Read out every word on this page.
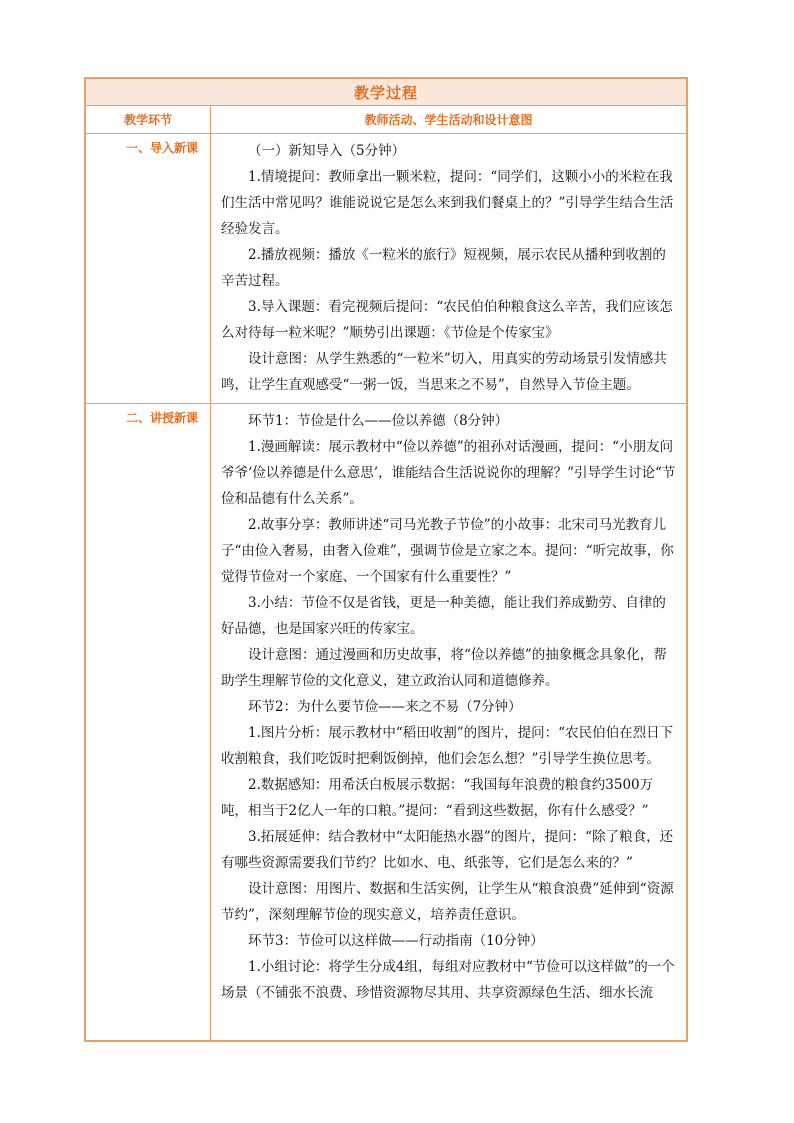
教学过程
教学环节	教师活动、学生活动和设计意图
一、导入新课	（一）新知导入（5分钟）

1.情境提问：教师拿出一颗米粒，提问：“同学们，这颗小小的米粒在我们生活中常见吗？谁能说说它是怎么来到我们餐桌上的？”引导学生结合生活经验发言。

2.播放视频：播放《一粒米的旅行》短视频，展示农民从播种到收割的辛苦过程。

3.导入课题：看完视频后提问：“农民伯伯种粮食这么辛苦，我们应该怎么对待每一粒米呢？”顺势引出课题：《节俭是个传家宝》

设计意图：从学生熟悉的“一粒米”切入，用真实的劳动场景引发情感共鸣，让学生直观感受“一粥一饭，当思来之不易”，自然导入节俭主题。

二、讲授新课	环节1：节俭是什么——俭以养德（8分钟）

1.漫画解读：展示教材中“俭以养德”的祖孙对话漫画，提问：“小朋友问爷爷‘俭以养德是什么意思’，谁能结合生活说说你的理解？”引导学生讨论“节俭和品德有什么关系”。

2.故事分享：教师讲述“司马光教子节俭”的小故事：北宋司马光教育儿子“由俭入奢易，由奢入俭难”，强调节俭是立家之本。提问：“听完故事，你觉得节俭对一个家庭、一个国家有什么重要性？”

3.小结：节俭不仅是省钱，更是一种美德，能让我们养成勤劳、自律的好品德，也是国家兴旺的传家宝。

设计意图：通过漫画和历史故事，将“俭以养德”的抽象概念具象化，帮助学生理解节俭的文化意义，建立政治认同和道德修养。

环节2：为什么要节俭——来之不易（7分钟）

1.图片分析：展示教材中“稻田收割”的图片，提问：“农民伯伯在烈日下收割粮食，我们吃饭时把剩饭倒掉，他们会怎么想？”引导学生换位思考。

2.数据感知：用希沃白板展示数据：“我国每年浪费的粮食约3500万吨，相当于2亿人一年的口粮。”提问：“看到这些数据，你有什么感受？”

3.拓展延伸：结合教材中“太阳能热水器”的图片，提问：“除了粮食，还有哪些资源需要我们节约？比如水、电、纸张等，它们是怎么来的？”

设计意图：用图片、数据和生活实例，让学生从“粮食浪费”延伸到“资源节约”，深刻理解节俭的现实意义，培养责任意识。

环节3：节俭可以这样做——行动指南（10分钟）

1.小组讨论：将学生分成4组，每组对应教材中“节俭可以这样做”的一个场景（不铺张不浪费、珍惜资源物尽其用、共享资源绿色生活、细水长流
